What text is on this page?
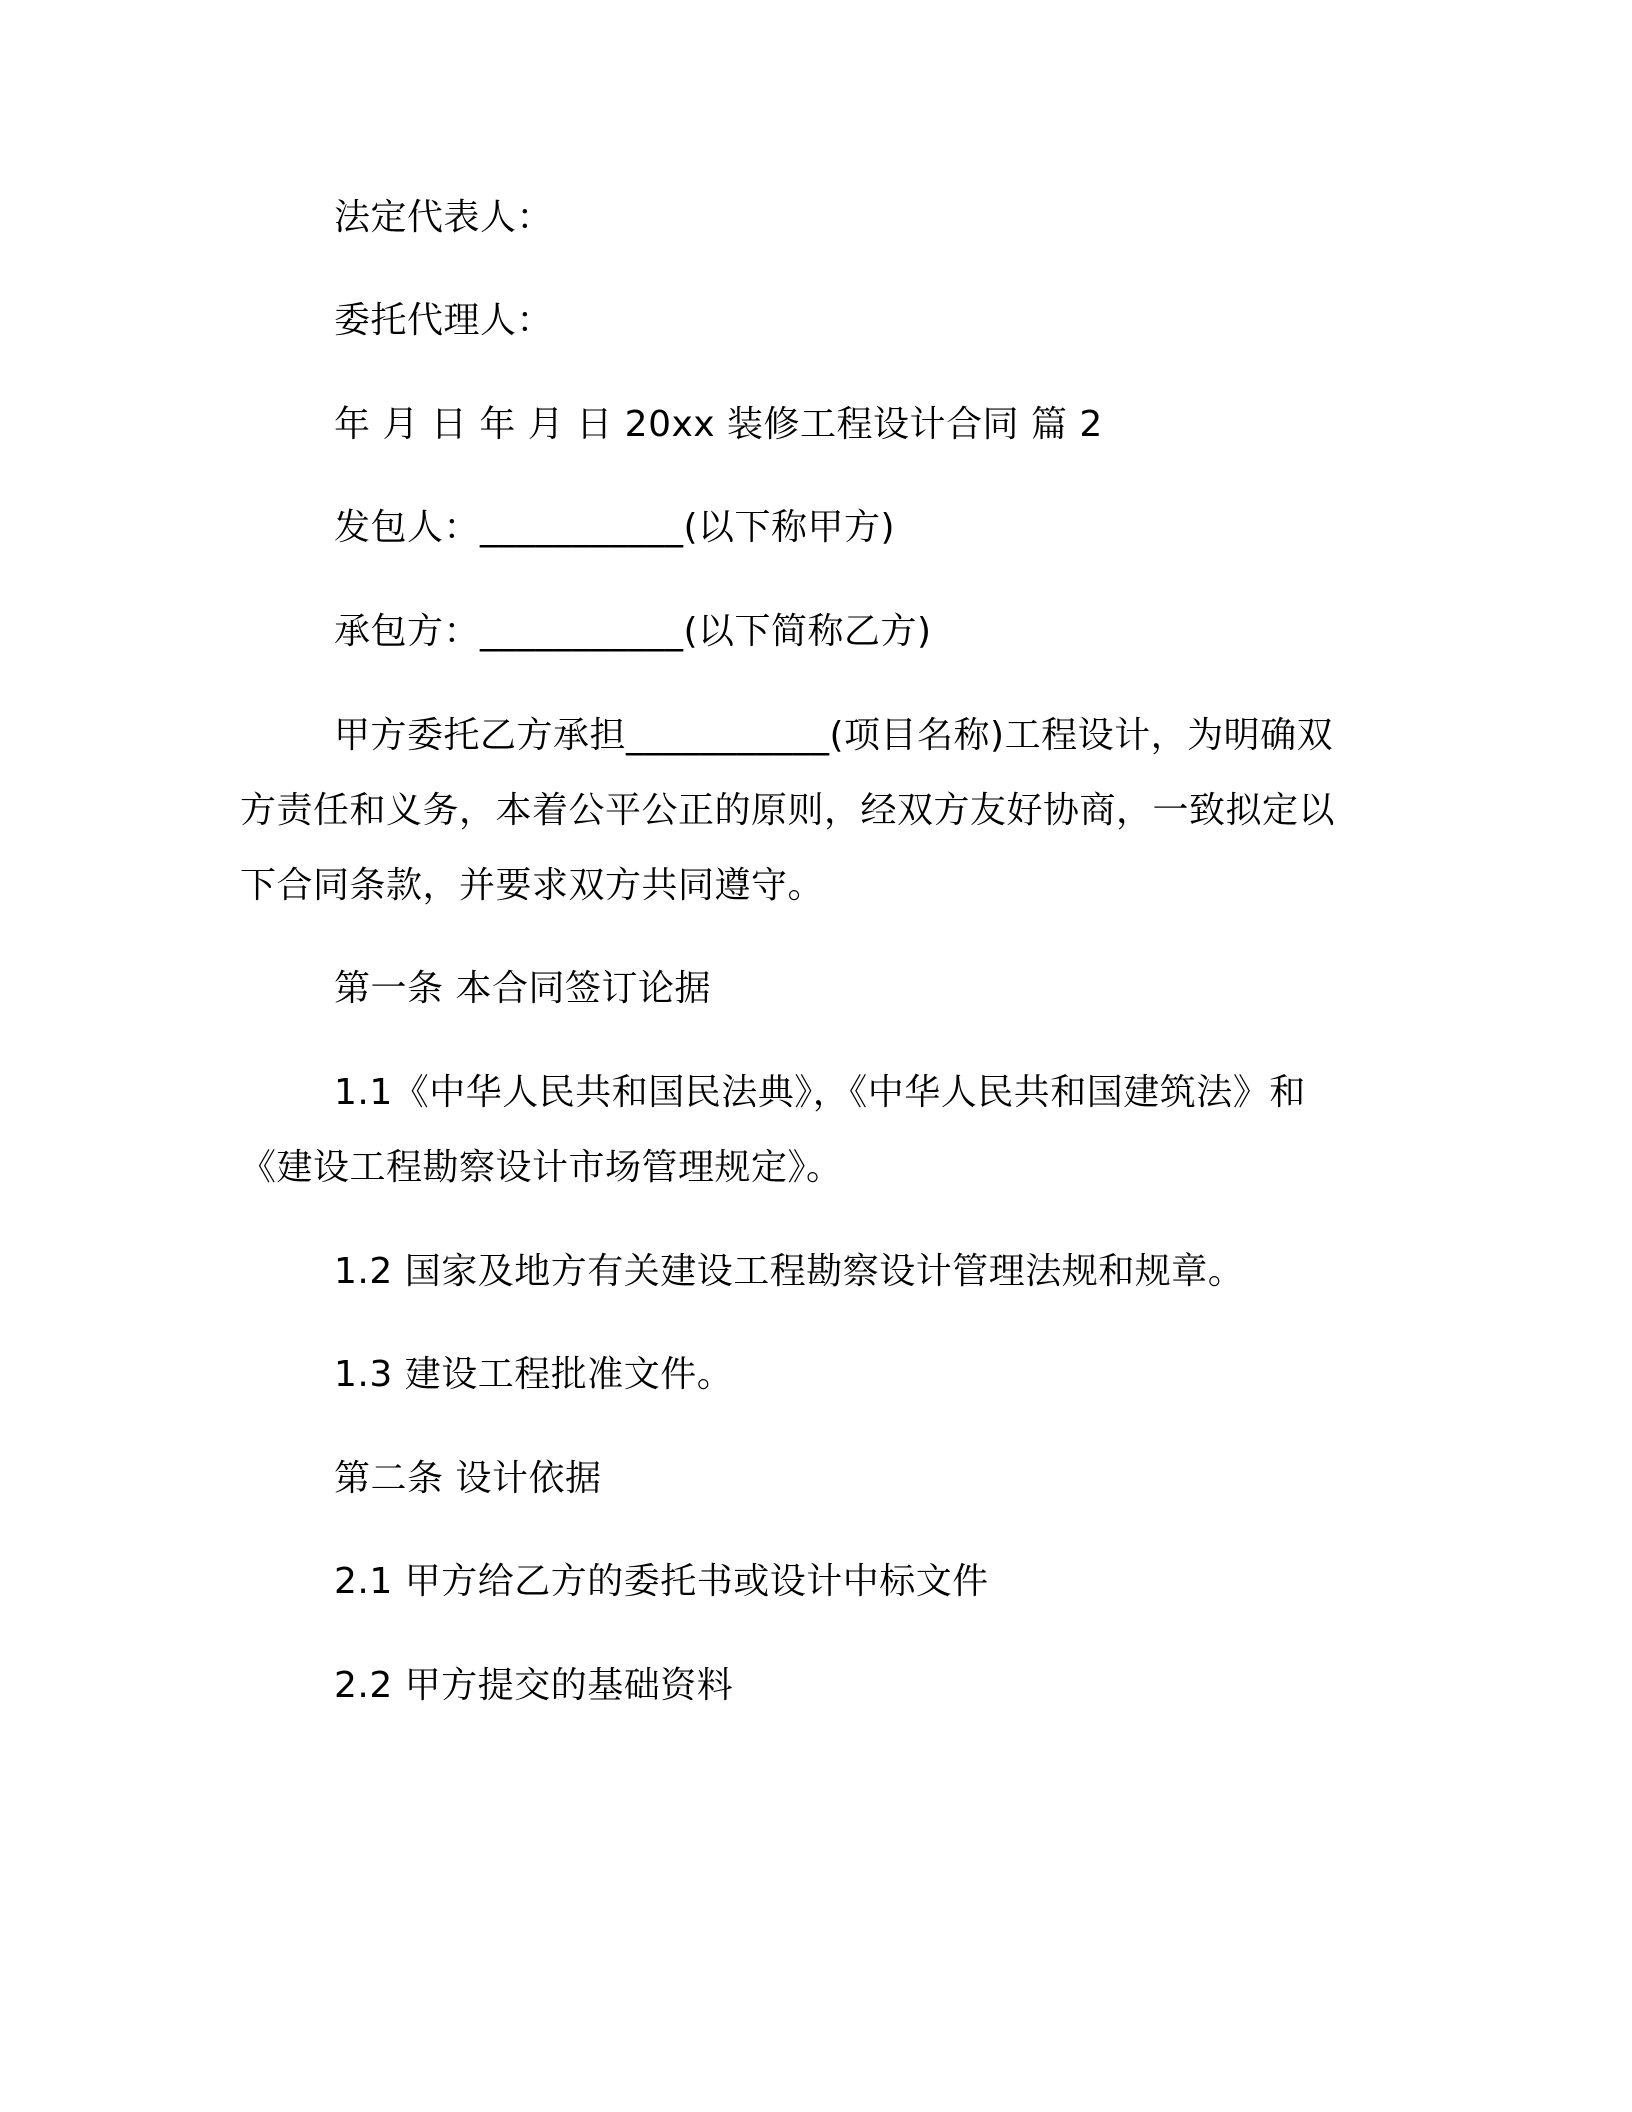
法定代表人：

委托代理人：

年 月 日 年 月 日 20xx 装修工程设计合同 篇 2

发包人：___________(以下称甲方)

承包方：___________(以下简称乙方)

甲方委托乙方承担___________(项目名称)工程设计，为明确双

方责任和义务，本着公平公正的原则，经双方友好协商，一致拟定以

下合同条款，并要求双方共同遵守。

第一条 本合同签订论据

1.1《中华人民共和国民法典》，《中华人民共和国建筑法》和

《建设工程勘察设计市场管理规定》。

1.2 国家及地方有关建设工程勘察设计管理法规和规章。

1.3 建设工程批准文件。

第二条 设计依据

2.1 甲方给乙方的委托书或设计中标文件

2.2 甲方提交的基础资料
